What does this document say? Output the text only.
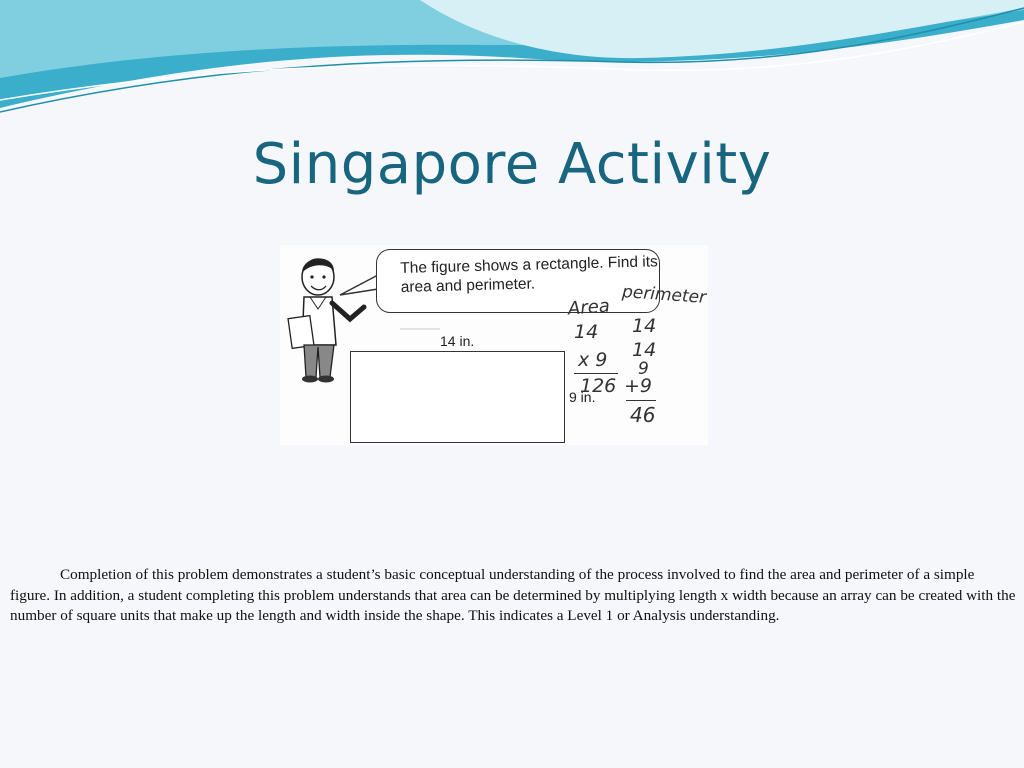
Singapore Activity
The figure shows a rectangle. Find its area and perimeter.
14 in.
9 in.
Area perimeter
14
x 9
126
14
14
9
+9
46
Completion of this problem demonstrates a student’s basic conceptual understanding of the process involved to find the area and perimeter of a simple figure. In addition, a student completing this problem understands that area can be determined by multiplying length x width because an array can be created with the number of square units that make up the length and width inside the shape. This indicates a Level 1 or Analysis understanding.
